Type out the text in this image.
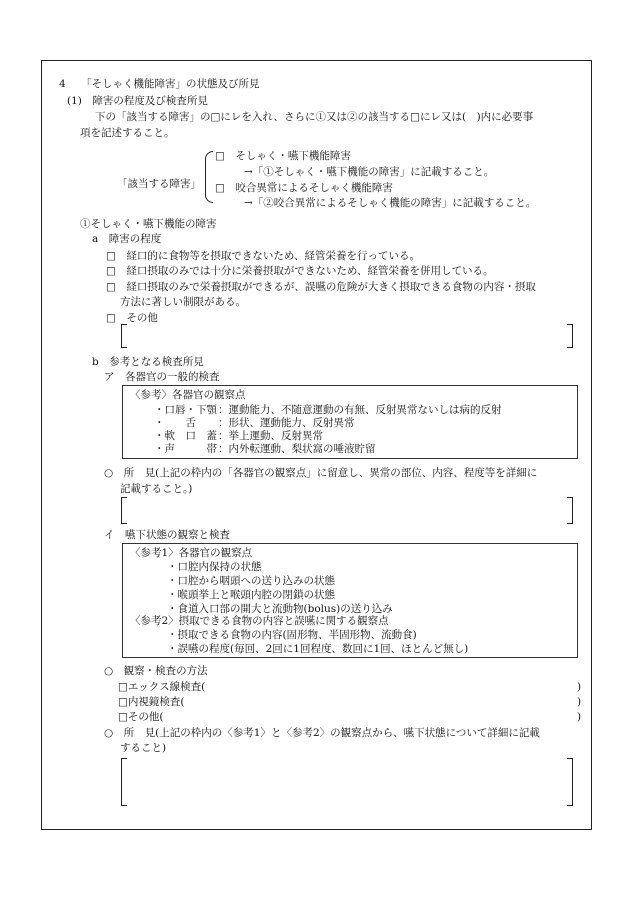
4 「そしゃく機能障害」の状態及び所見
(1)　障害の程度及び検査所見
下の「該当する障害」の□にレを入れ、さらに①又は②の該当する□にレ又は(　)内に必要事
項を記述すること。
「該当する障害」
□　そしゃく・嚥下機能障害
→「①そしゃく・嚥下機能の障害」に記載すること。
□　咬合異常によるそしゃく機能障害
→「②咬合異常によるそしゃく機能の障害」に記載すること。
①そしゃく・嚥下機能の障害
a　障害の程度
□　経口的に食物等を摂取できないため、経管栄養を行っている。
□　経口摂取のみでは十分に栄養摂取ができないため、経管栄養を併用している。
□　経口摂取のみで栄養摂取ができるが、誤嚥の危険が大きく摂取できる食物の内容・摂取
方法に著しい制限がある。
□　その他
b　参考となる検査所見
ア　各器官の一般的検査
〈参考〉各器官の観察点
・口唇・下顎 ：運動能力、不随意運動の有無、反射異常ないしは病的反射
・　　舌 ：形状、運動能力、反射異常
・軟　口　蓋 ：挙上運動、反射異常
・声　　　帯 ：内外転運動、梨状窩の唾液貯留
○　所　見(上記の枠内の「各器官の観察点」に留意し、異常の部位、内容、程度等を詳細に
記載すること。)
イ　嚥下状態の観察と検査
〈参考1〉各器官の観察点
・口腔内保持の状態
・口腔から咽頭への送り込みの状態
・喉頭挙上と喉頭内腔の閉鎖の状態
・食道入口部の開大と流動物(bolus)の送り込み
〈参考2〉摂取できる食物の内容と誤嚥に関する観察点
・摂取できる食物の内容(固形物、半固形物、流動食)
・誤嚥の程度(毎回、2回に1回程度、数回に1回、ほとんど無し)
○　観察・検査の方法
□エックス線検査(	)
□内視鏡検査(	)
□その他(	)
○　所　見(上記の枠内の〈参考1〉と〈参考2〉の観察点から、嚥下状態について詳細に記載
すること)
